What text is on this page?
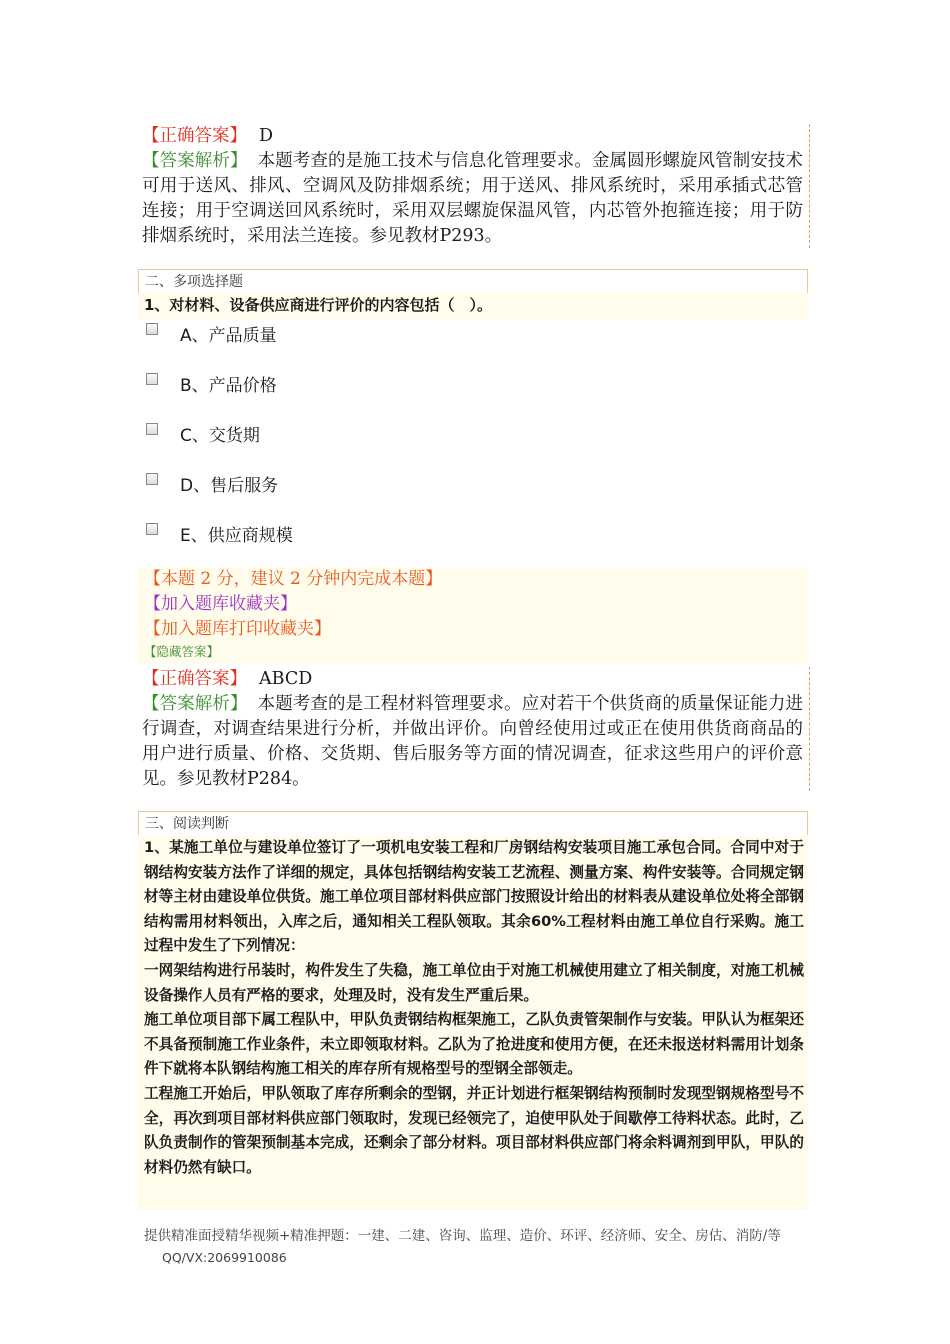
【正确答案】 D
【答案解析】 本题考查的是施工技术与信息化管理要求。金属圆形螺旋风管制安技术可用于送风、排风、空调风及防排烟系统；用于送风、排风系统时，采用承插式芯管 连接；用于空调送回风系统时，采用双层螺旋保温风管，内芯管外抱箍连接；用于防排烟系统时，采用法兰连接。参见教材P293。
二、多项选择题
1、对材料、设备供应商进行评价的内容包括（　）。
A、产品质量
B、产品价格
C、交货期
D、售后服务
E、供应商规模
【本题 2 分，建议 2 分钟内完成本题】
【加入题库收藏夹】
【加入题库打印收藏夹】
【隐藏答案】
【正确答案】 ABCD
【答案解析】 本题考查的是工程材料管理要求。应对若干个供货商的质量保证能力进行调查，对调查结果进行分析，并做出评价。向曾经使用过或正在使用供货商商品的用户进行质量、价格、交货期、售后服务等方面的情况调查，征求这些用户的评价意见。参见教材P284。
三、阅读判断

1、某施工单位与建设单位签订了一项机电安装工程和厂房钢结构安装项目施工承包合同。合同中对于钢结构安装方法作了详细的规定，具体包括钢结构安装工艺流程、测量方案、构件安装等。合同规定钢材等主材由建设单位供货。施工单位项目部材料供应部门按照设计给出的材料表从建设单位处将全部钢结构需用材料领出，入库之后，通知相关工程队领取。其余60%工程材料由施工单位自行采购。施工过程中发生了下列情况：

一网架结构进行吊装时，构件发生了失稳，施工单位由于对施工机械使用建立了相关制度，对施工机械设备操作人员有严格的要求，处理及时，没有发生严重后果。

施工单位项目部下属工程队中，甲队负责钢结构框架施工，乙队负责管架制作与安装。甲队认为框架还不具备预制施工作业条件，未立即领取材料。乙队为了抢进度和使用方便，在还未报送材料需用计划条件下就将本队钢结构施工相关的库存所有规格型号的型钢全部领走。

工程施工开始后，甲队领取了库存所剩余的型钢，并正计划进行框架钢结构预制时发现型钢规格型号不全，再次到项目部材料供应部门领取时，发现已经领完了，迫使甲队处于间歇停工待料状态。此时，乙队负责制作的管架预制基本完成，还剩余了部分材料。项目部材料供应部门将余料调剂到甲队，甲队的材料仍然有缺口。

提供精准面授精华视频+精准押题：一建、二建、咨询、监理、造价、环评、经济师、安全、房估、消防/等
QQ/VX:2069910086
